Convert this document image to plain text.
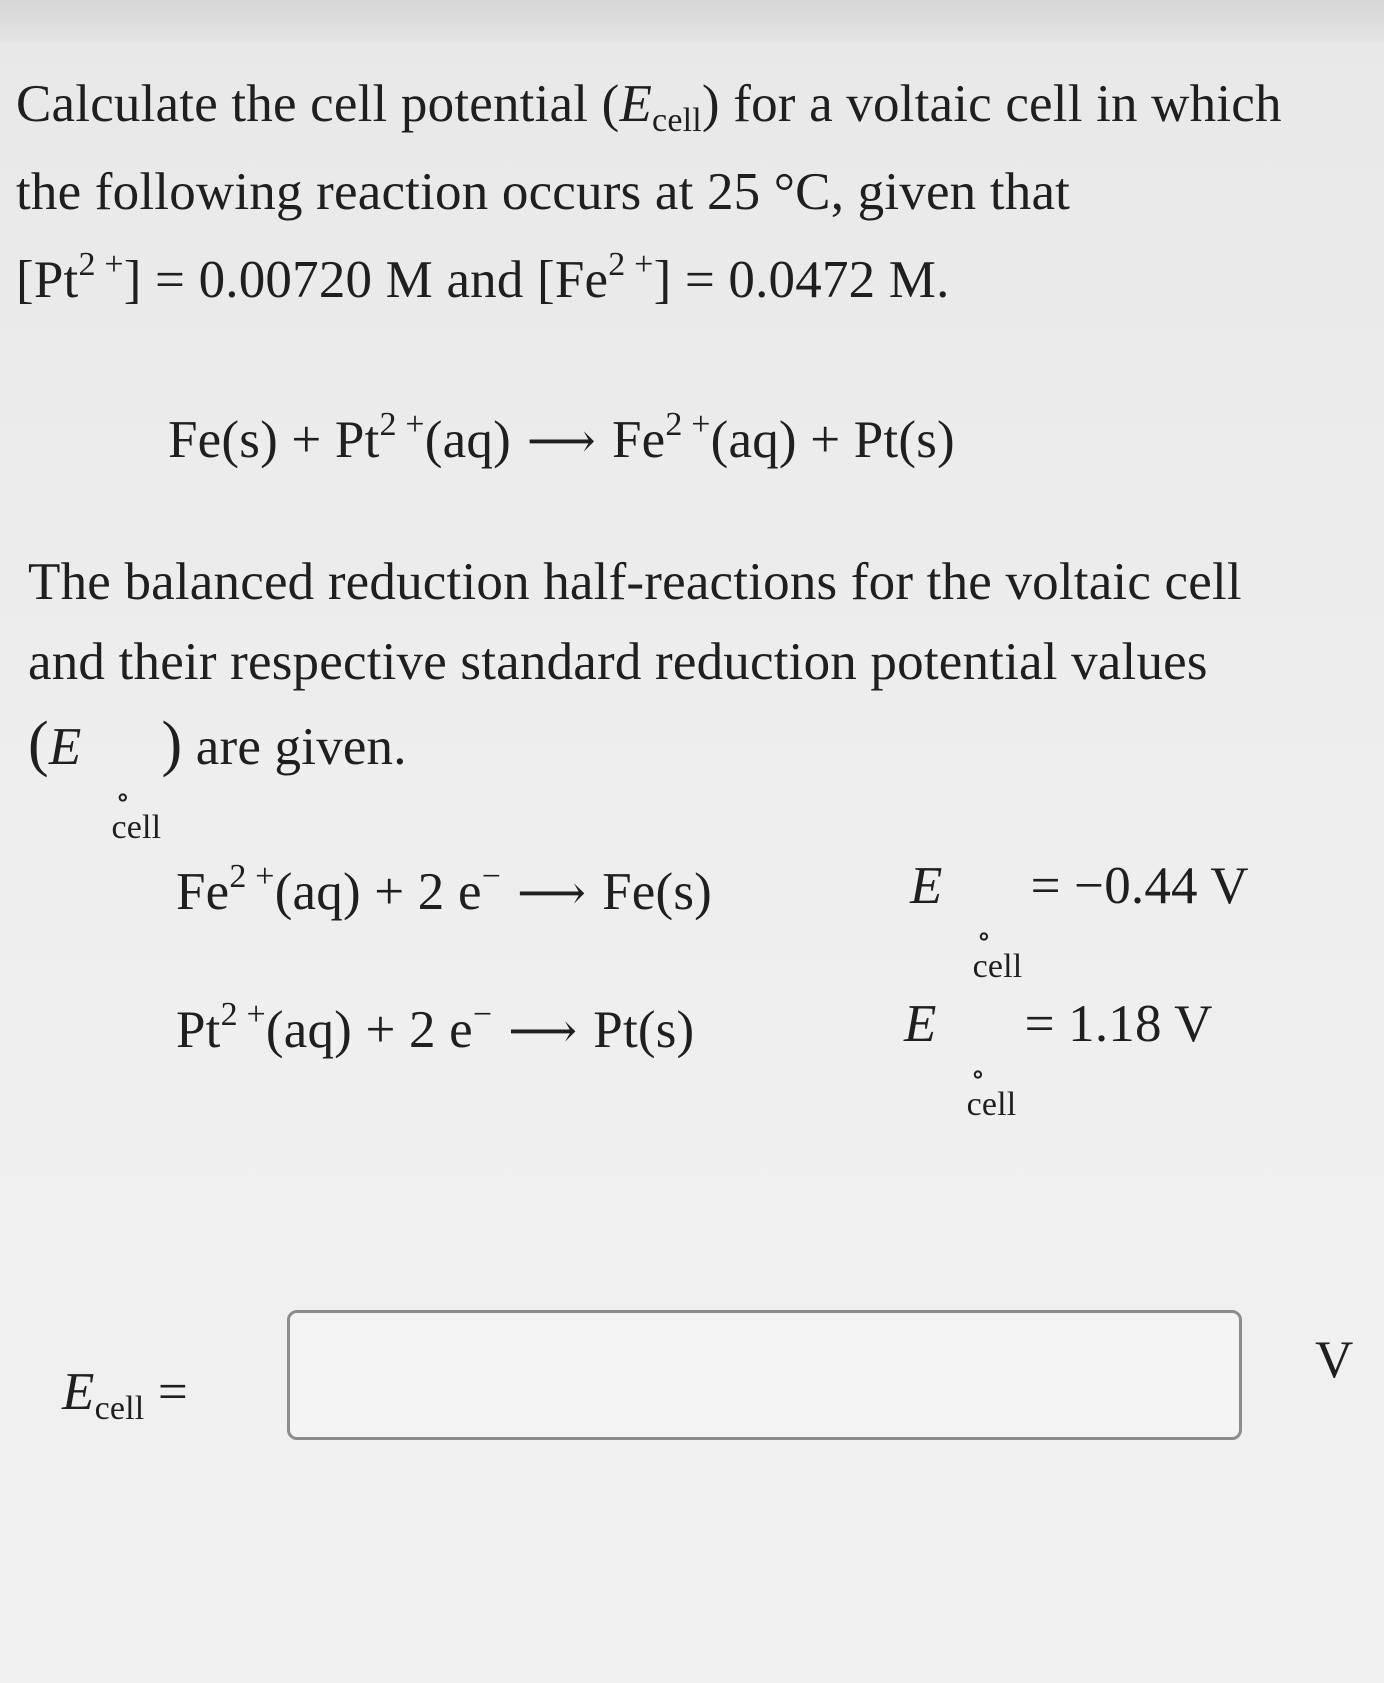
Calculate the cell potential $(E_{cell})$ for a voltaic cell in which
the following reaction occurs at 25 °C, given that
$[Pt^{2 +}] = 0.00720$ M and $[Fe^{2 +}] = 0.0472$ M.
$Fe(s) + Pt^{2 +}(aq)$ ⟶ $Fe^{2 +}(aq) + Pt(s)$
The balanced reduction half-reactions for the voltaic cell
and their respective standard reduction potential values
(E
∘
cell
) are given.
$Fe^{2 +}(aq) + 2$ e− ⟶ Fe(s)	E
∘
cell
= −0.44 V
$Pt^{2 +}(aq) + 2$ e− ⟶ Pt(s)	E
∘
cell
= 1.18 V
$E_{cell}$ =
V
